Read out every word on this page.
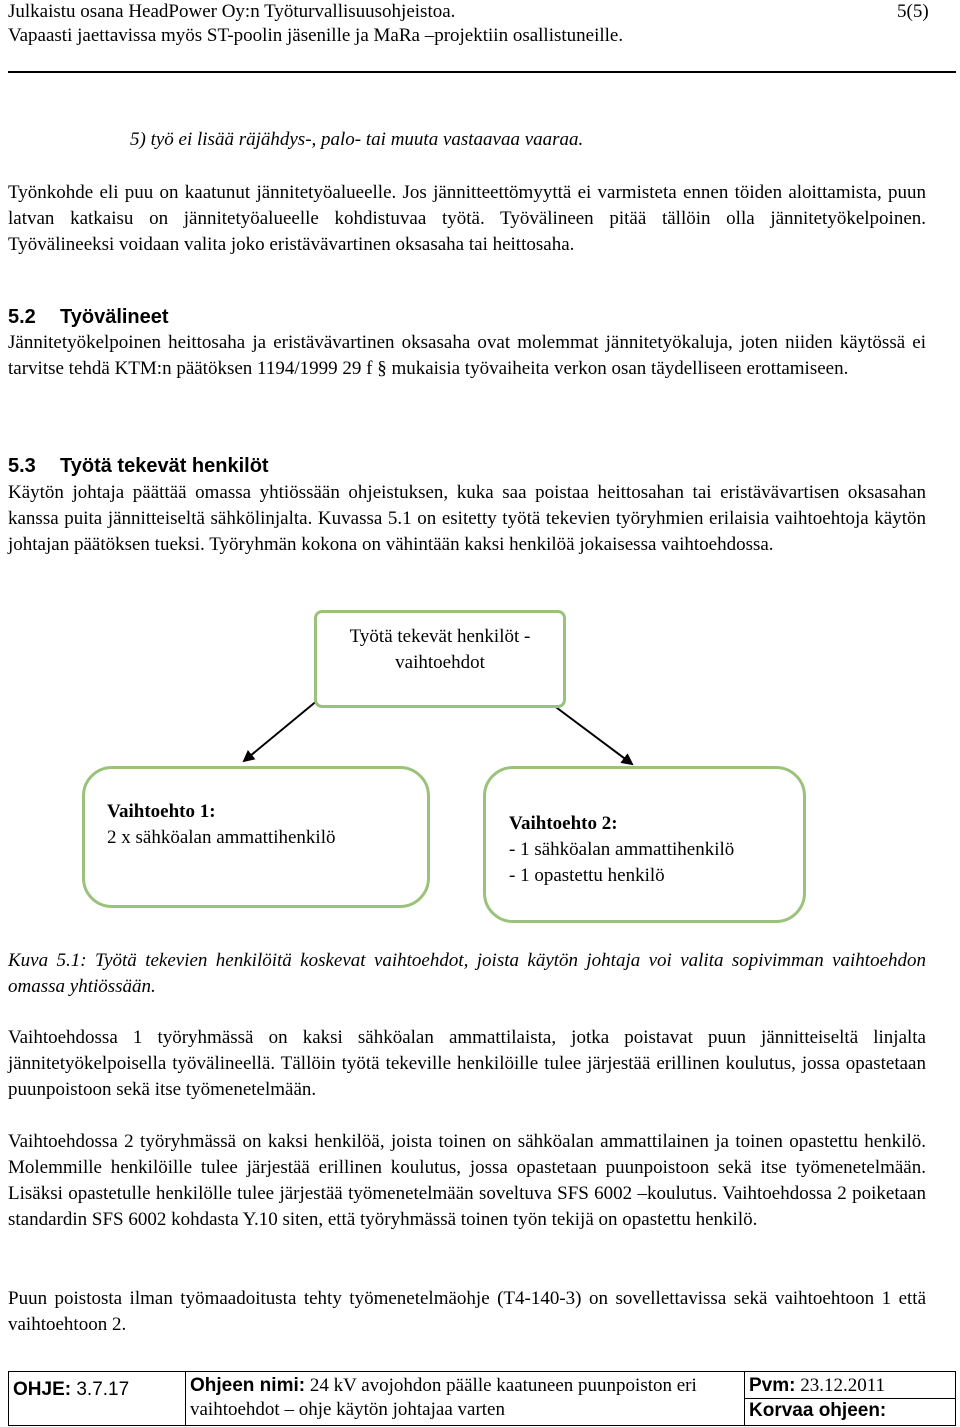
Julkaistu osana HeadPower Oy:n Työturvallisuusohjeistoa.	5(5)
Vapaasti jaettavissa myös ST-poolin jäsenille ja MaRa –projektiin osallistuneille.
5) työ ei lisää räjähdys-, palo- tai muuta vastaavaa vaaraa.
Työnkohde eli puu on kaatunut jännitetyöalueelle. Jos jännitteettömyyttä ei varmisteta ennen töiden aloittamista, puun latvan katkaisu on jännitetyöalueelle kohdistuvaa työtä. Työvälineen pitää tällöin olla jännitetyökelpoinen. Työvälineeksi voidaan valita joko eristävävartinen oksasaha tai heittosaha.
5.2 Työvälineet
Jännitetyökelpoinen heittosaha ja eristävävartinen oksasaha ovat molemmat jännitetyökaluja, joten niiden käytössä ei tarvitse tehdä KTM:n päätöksen 1194/1999 29 f § mukaisia työvaiheita verkon osan täydelliseen erottamiseen.
5.3 Työtä tekevät henkilöt
Käytön johtaja päättää omassa yhtiössään ohjeistuksen, kuka saa poistaa heittosahan tai eristävävartisen oksasahan kanssa puita jännitteiseltä sähkölinjalta. Kuvassa 5.1 on esitetty työtä tekevien työryhmien erilaisia vaihtoehtoja käytön johtajan päätöksen tueksi. Työryhmän kokona on vähintään kaksi henkilöä jokaisessa vaihtoehdossa.
Työtä tekevät henkilöt -
vaihtoehdot
Vaihtoehto 1:
2 x sähköalan ammattihenkilö
Vaihtoehto 2:
- 1 sähköalan ammattihenkilö
- 1 opastettu henkilö
Kuva 5.1: Työtä tekevien henkilöitä koskevat vaihtoehdot, joista käytön johtaja voi valita sopivimman vaihtoehdon omassa yhtiössään.
Vaihtoehdossa 1 työryhmässä on kaksi sähköalan ammattilaista, jotka poistavat puun jännitteiseltä linjalta jännitetyökelpoisella työvälineellä. Tällöin työtä tekeville henkilöille tulee järjestää erillinen koulutus, jossa opastetaan puunpoistoon sekä itse työmenetelmään.
Vaihtoehdossa 2 työryhmässä on kaksi henkilöä, joista toinen on sähköalan ammattilainen ja toinen opastettu henkilö. Molemmille henkilöille tulee järjestää erillinen koulutus, jossa opastetaan puunpoistoon sekä itse työmenetelmään. Lisäksi opastetulle henkilölle tulee järjestää työmenetelmään soveltuva SFS 6002 –koulutus. Vaihtoehdossa 2 poiketaan standardin SFS 6002 kohdasta Y.10 siten, että työryhmässä toinen työn tekijä on opastettu henkilö.
Puun poistosta ilman työmaadoitusta tehty työmenetelmäohje (T4-140-3) on sovellettavissa sekä vaihtoehtoon 1 että vaihtoehtoon 2.
OHJE: 3.7.17	Ohjeen nimi: 24 kV avojohdon päälle kaatuneen puunpoiston eri vaihtoehdot – ohje käytön johtajaa varten	
Pvm: 23.12.2011
Korvaa ohjeen:
